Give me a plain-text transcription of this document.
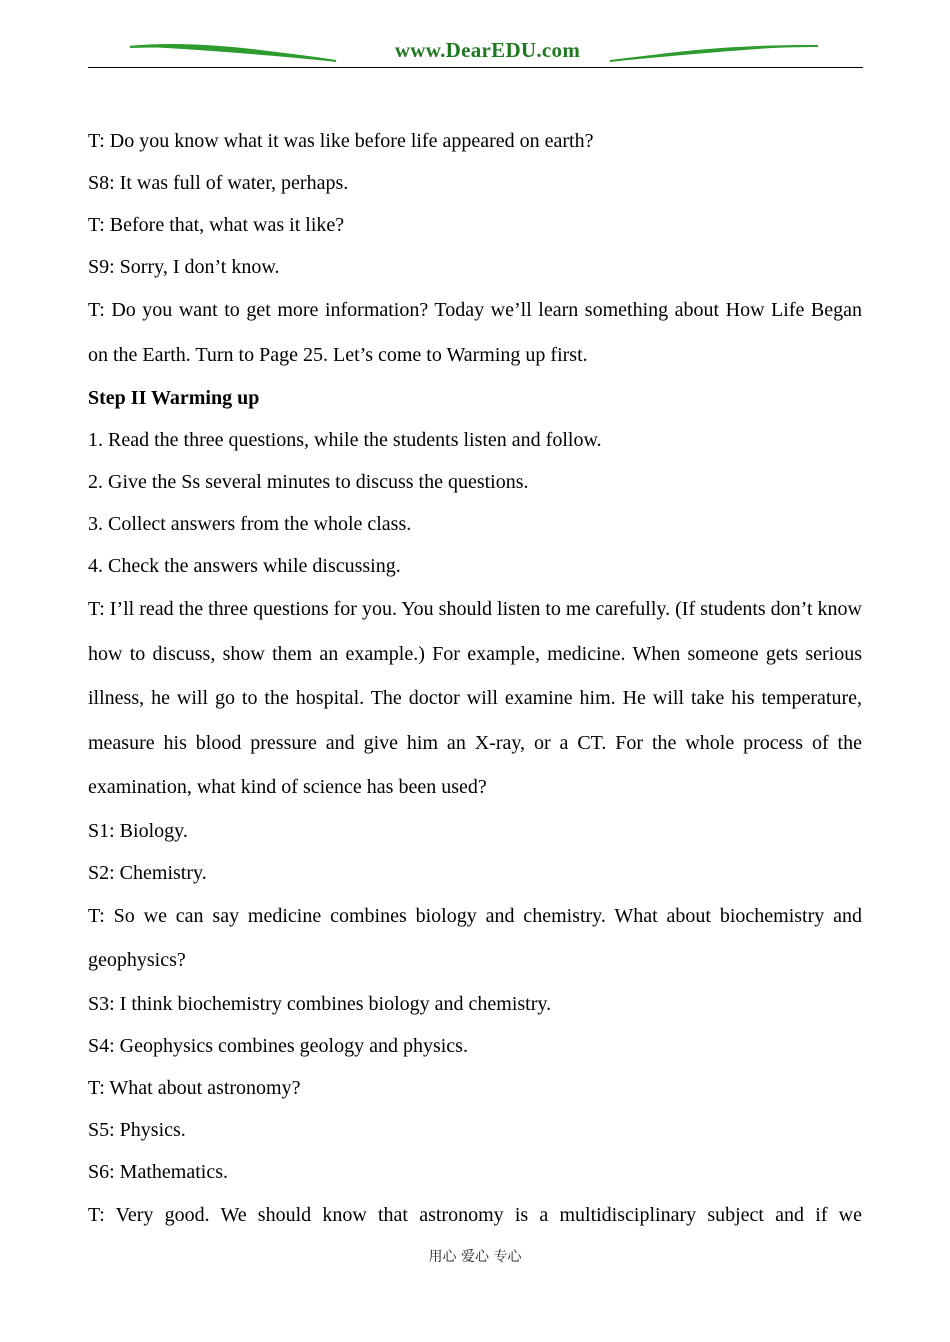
www.DearEDU.com

T: Do you know what it was like before life appeared on earth?

S8: It was full of water, perhaps.

T: Before that, what was it like?

S9: Sorry, I don’t know.

T: Do you want to get more information? Today we’ll learn something about How Life Began on the Earth. Turn to Page 25. Let’s come to Warming up first.

Step II Warming up

1. Read the three questions, while the students listen and follow.

2. Give the Ss several minutes to discuss the questions.

3. Collect answers from the whole class.

4. Check the answers while discussing.

T: I’ll read the three questions for you. You should listen to me carefully. (If students don’t know how to discuss, show them an example.) For example, medicine. When someone gets serious illness, he will go to the hospital. The doctor will examine him. He will take his temperature, measure his blood pressure and give him an X-ray, or a CT. For the whole process of the examination, what kind of science has been used?

S1: Biology.

S2: Chemistry.

T: So we can say medicine combines biology and chemistry. What about biochemistry and geophysics?

S3: I think biochemistry combines biology and chemistry.

S4: Geophysics combines geology and physics.

T: What about astronomy?

S5: Physics.

S6: Mathematics.

T: Very good. We should know that astronomy is a multidisciplinary subject and if we

用心 爱心 专心
